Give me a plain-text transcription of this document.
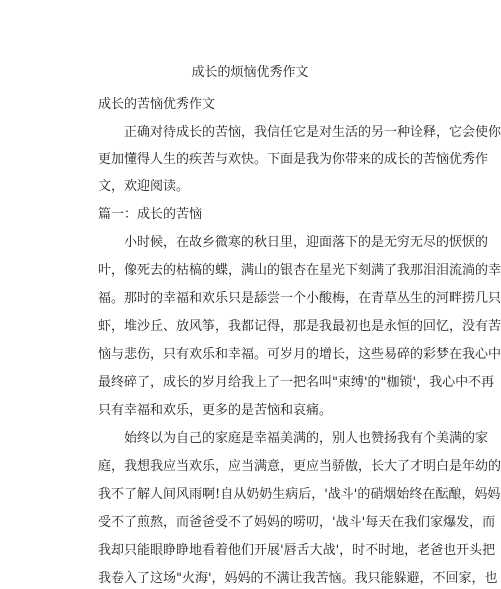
成长的烦恼优秀作文
成长的苦恼优秀作文
正确对待成长的苦恼，我信任它是对生活的另一种诠释，它会使你
更加懂得人生的疾苦与欢快。下面是我为你带来的成长的苦恼优秀作
文，欢迎阅读。
篇一：成长的苦恼
小时候，在故乡微寒的秋日里，迎面落下的是无穷无尽的恹恹的
叶，像死去的枯槁的蝶，满山的银杏在星光下刻满了我那泪泪流淌的幸
福。那时的幸福和欢乐只是舔尝一个小酸梅，在青草丛生的河畔捞几只
虾，堆沙丘、放风筝，我都记得，那是我最初也是永恒的回忆，没有苦
恼与悲伤，只有欢乐和幸福。可岁月的增长，这些易碎的彩梦在我心中
最终碎了，成长的岁月给我上了一把名叫"束缚'的"枷锁'，我心中不再
只有幸福和欢乐，更多的是苦恼和哀痛。
始终以为自己的家庭是幸福美满的，别人也赞扬我有个美满的家
庭，我想我应当欢乐，应当满意，更应当骄傲，长大了才明白是年幼的
我不了解人间风雨啊!自从奶奶生病后，'战斗'的硝烟始终在酝酿，妈妈
受不了煎熬，而爸爸受不了妈妈的唠叨，'战斗'每天在我们家爆发，而
我却只能眼睁睁地看着他们开展'唇舌大战'，时不时地，老爸也开头把
我卷入了这场"火海'，妈妈的不满让我苦恼。我只能躲避，不回家，也
